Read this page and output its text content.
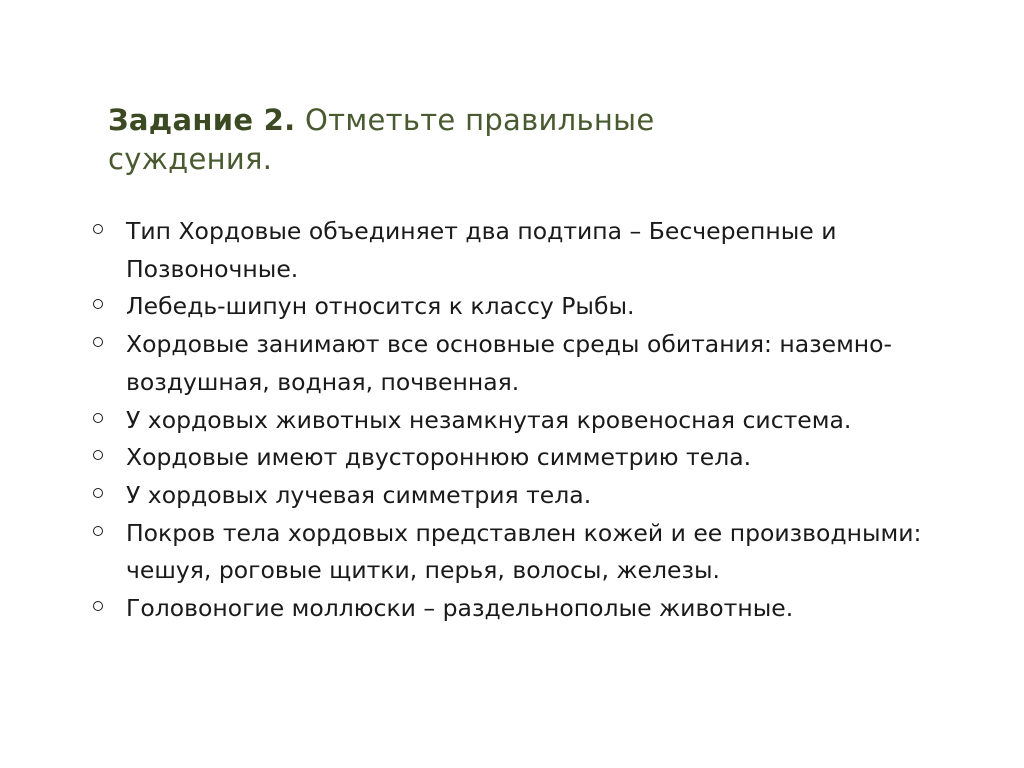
Задание 2. Отметьте правильные суждения.
Тип Хордовые объединяет два подтипа – Бесчерепные и Позвоночные.
Лебедь-шипун относится к классу Рыбы.
Хордовые занимают все основные среды обитания: наземно-воздушная, водная, почвенная.
У хордовых животных незамкнутая кровеносная система.
Хордовые имеют двустороннюю симметрию тела.
У хордовых лучевая симметрия тела.
Покров тела хордовых представлен кожей и ее производными: чешуя, роговые щитки, перья, волосы, железы.
Головоногие моллюски – раздельнополые животные.
